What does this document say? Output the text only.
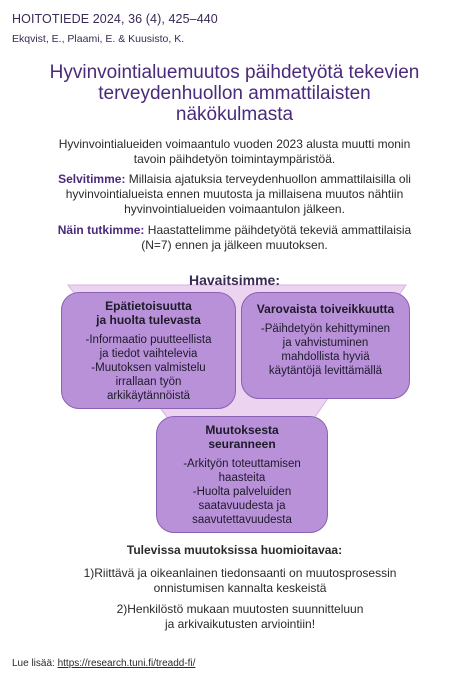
HOITOTIEDE 2024, 36 (4), 425–440
Ekqvist, E., Plaami, E. & Kuusisto, K.
Hyvinvointialuemuutos päihdetyötä tekevien
terveydenhuollon ammattilaisten
näkökulmasta
Hyvinvointialueiden voimaantulo vuoden 2023 alusta muutti monin
tavoin päihdetyön toimintaympäristöä.
Selvitimme: Millaisia ajatuksia terveydenhuollon ammattilaisilla oli
hyvinvointialueista ennen muutosta ja millaisena muutos nähtiin
hyvinvointialueiden voimaantulon jälkeen.
Näin tutkimme: Haastattelimme päihdetyötä tekeviä ammattilaisia
(N=7) ennen ja jälkeen muutoksen.
Havaitsimme:
Epätietoisuutta
ja huolta tulevasta
-Informaatio puutteellista
ja tiedot vaihtelevia
-Muutoksen valmistelu
irrallaan työn
arkikäytännöistä
Varovaista toiveikkuutta
-Päihdetyön kehittyminen
ja vahvistuminen
mahdollista hyviä
käytäntöjä levittämällä
Muutoksesta
seuranneen
-Arkityön toteuttamisen
haasteita
-Huolta palveluiden
saatavuudesta ja
saavutettavuudesta
Tulevissa muutoksissa huomioitavaa:
1)Riittävä ja oikeanlainen tiedonsaanti on muutosprosessin
onnistumisen kannalta keskeistä
2)Henkilöstö mukaan muutosten suunnitteluun
ja arkivaikutusten arviointiin!
Lue lisää: https://research.tuni.fi/treadd-fi/
